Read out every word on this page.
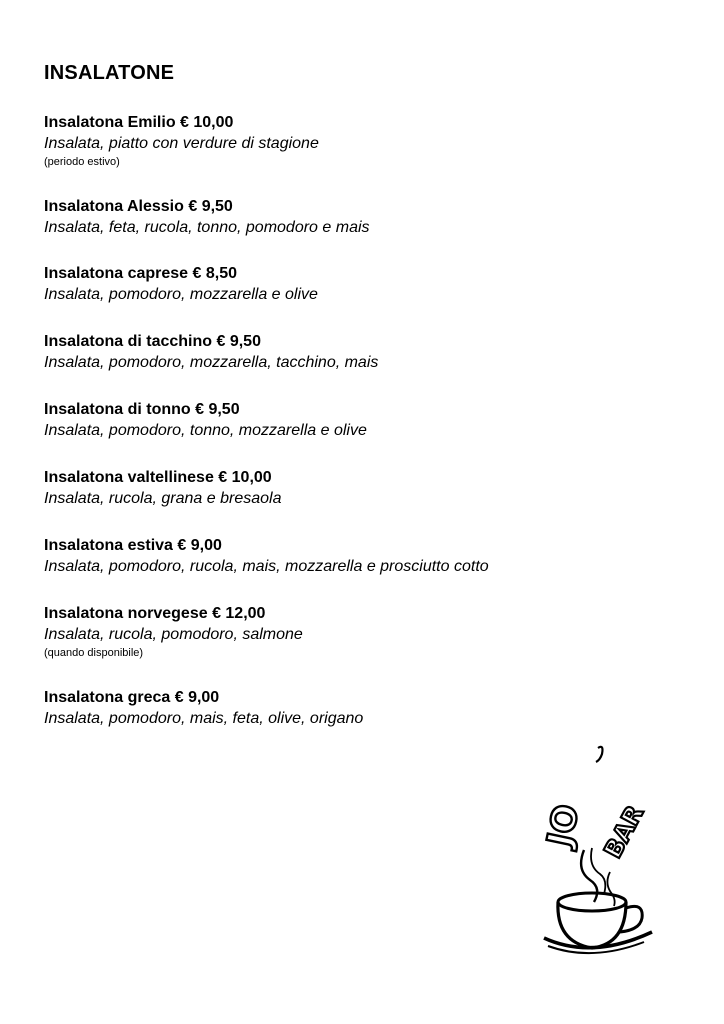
INSALATONE
Insalatona Emilio € 10,00
Insalata, piatto con verdure di stagione
(periodo estivo)
Insalatona Alessio € 9,50
Insalata, feta, rucola, tonno, pomodoro e mais
Insalatona caprese € 8,50
Insalata, pomodoro, mozzarella e olive
Insalatona di tacchino € 9,50
Insalata, pomodoro, mozzarella, tacchino, mais
Insalatona di tonno € 9,50
Insalata, pomodoro, tonno, mozzarella e olive
Insalatona valtellinese € 10,00
Insalata, rucola, grana e bresaola
Insalatona estiva € 9,00
Insalata, pomodoro, rucola, mais, mozzarella e prosciutto cotto
Insalatona norvegese € 12,00
Insalata, rucola, pomodoro, salmone
(quando disponibile)
Insalatona greca € 9,00
Insalata, pomodoro, mais, feta, olive, origano
JO BAR
